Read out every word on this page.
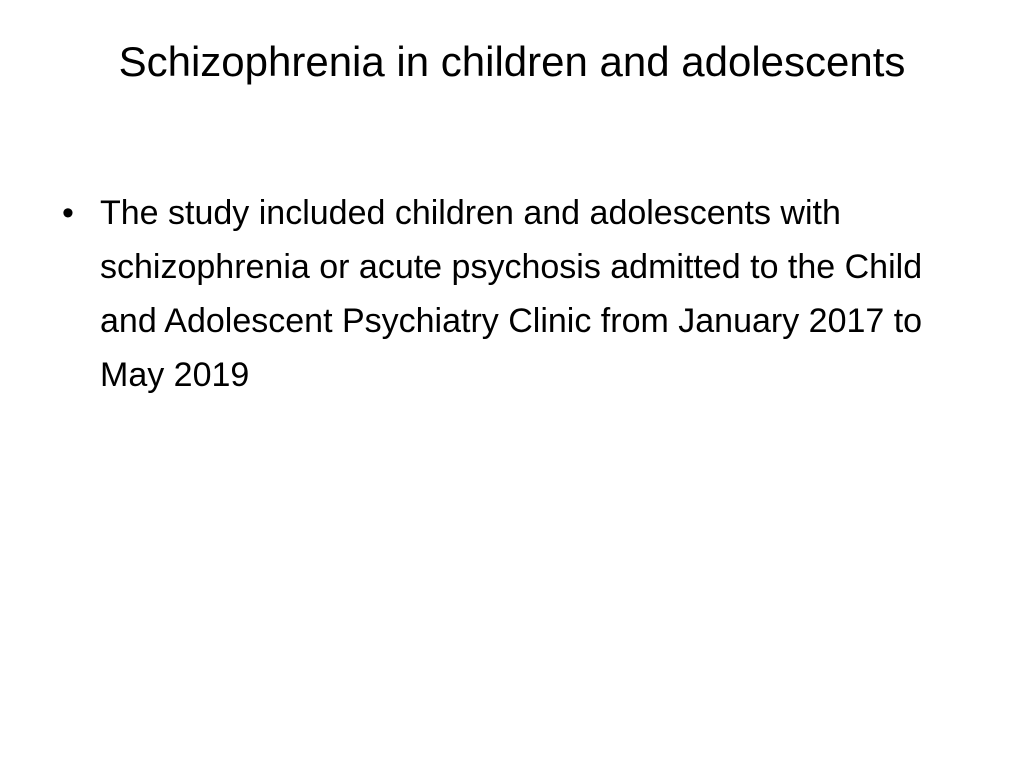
Schizophrenia in children and adolescents
• The study included children and adolescents with schizophrenia or acute psychosis admitted to the Child and Adolescent Psychiatry Clinic from January 2017 to May 2019
